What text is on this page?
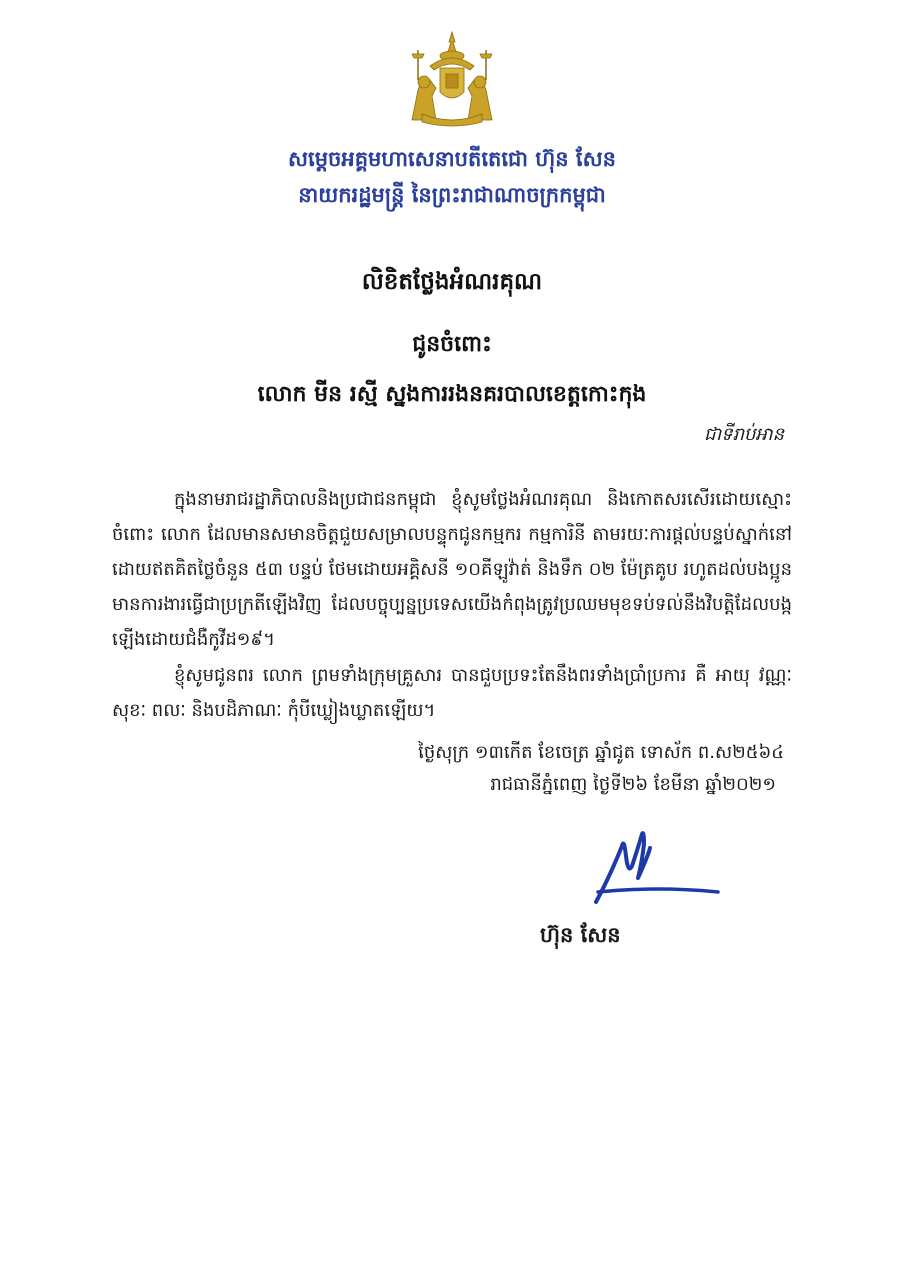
សម្ដេចអគ្គមហាសេនាបតីតេជោ ហ៊ុន សែន
នាយករដ្ឋមន្ត្រី នៃព្រះរាជាណាចក្រកម្ពុជា
លិខិតថ្លែងអំណរគុណ
ជូនចំពោះ
លោក មីន រស្មី ស្នងការរងនគរបាលខេត្តកោះកុង
ជាទីរាប់អាន
ក្នុងនាមរាជរដ្ឋាភិបាលនិងប្រជាជនកម្ពុជា ខ្ញុំសូមថ្លែងអំណរគុណ និងកោតសរសើរដោយស្មោះចំពោះ លោក ដែលមានសមានចិត្តជួយសម្រាលបន្ទុកជូនកម្មករ កម្មការិនី តាមរយៈការផ្តល់បន្ទប់ស្នាក់នៅដោយឥតគិតថ្លៃចំនួន ៥៣ បន្ទប់ ថែមដោយអគ្គិសនី ១០គីឡូវ៉ាត់ និងទឹក ០២ ម៉ែត្រគូប រហូតដល់បងប្អូនមានការងារធ្វើជាប្រក្រតីឡើងវិញ ដែលបច្ចុប្បន្នប្រទេសយើងកំពុងត្រូវប្រឈមមុខទប់ទល់នឹងវិបត្តិដែលបង្កឡើងដោយជំងឺកូវីដ១៩។
ខ្ញុំសូមជូនពរ លោក ព្រមទាំងក្រុមគ្រួសារ បានជួបប្រទះតែនឹងពរទាំងប្រាំប្រការ គឺ អាយុ វណ្ណៈ សុខៈ ពលៈ និងបដិភាណៈ កុំបីឃ្លៀងឃ្លាតឡើយ។
ថ្ងៃសុក្រ ១៣កើត ខែចេត្រ ឆ្នាំជូត ទោស័ក ព.ស២៥៦៤
រាជធានីភ្នំពេញ ថ្ងៃទី២៦ ខែមីនា ឆ្នាំ២០២១
ហ៊ុន សែន
